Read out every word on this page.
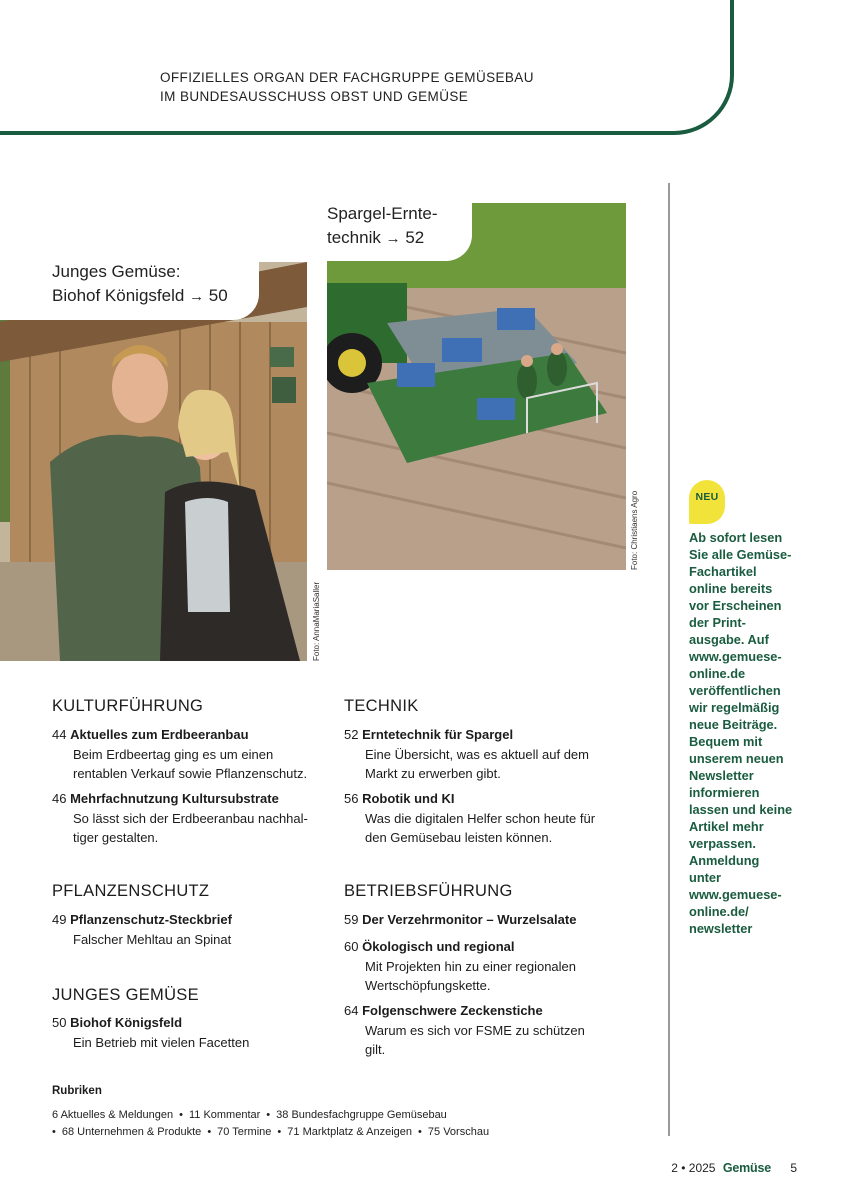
OFFIZIELLES ORGAN DER FACHGRUPPE GEMÜSEBAU
IM BUNDESAUSSCHUSS OBST UND GEMÜSE
Spargel-Ernte-
technik → 52
Junges Gemüse:
Biohof Königsfeld → 50
Foto: AnnaMariaSaller
Foto: Christiaens Agro	NEU
Ab sofort lesen
Sie alle Gemüse-
Fachartikel
online bereits
vor Erscheinen
der Print-
ausgabe. Auf
www.gemuese-
online.de
veröffentlichen
wir regelmäßig
neue Beiträge.
Bequem mit
unserem neuen
Newsletter
informieren
lassen und keine
Artikel mehr
verpassen.
Anmeldung
unter
www.gemuese-
online.de/
newsletter
KULTURFÜHRUNG
44 Aktuelles zum Erdbeeranbau
Beim Erdbeertag ging es um einen
rentablen Verkauf sowie Pflanzenschutz.
46 Mehrfachnutzung Kultursubstrate
So lässt sich der Erdbeeranbau nachhal-
tiger gestalten.
PFLANZENSCHUTZ
49 Pflanzenschutz-Steckbrief
Falscher Mehltau an Spinat
JUNGES GEMÜSE
50 Biohof Königsfeld
Ein Betrieb mit vielen Facetten
TECHNIK
52 Erntetechnik für Spargel
Eine Übersicht, was es aktuell auf dem
Markt zu erwerben gibt.
56 Robotik und KI
Was die digitalen Helfer schon heute für
den Gemüsebau leisten können.
BETRIEBSFÜHRUNG
59 Der Verzehrmonitor – Wurzelsalate
60 Ökologisch und regional
Mit Projekten hin zu einer regionalen
Wertschöpfungskette.
64 Folgenschwere Zeckenstiche
Warum es sich vor FSME zu schützen
gilt.
Rubriken
6 Aktuelles & Meldungen • 11 Kommentar • 38 Bundesfachgruppe Gemüsebau
• 68 Unternehmen & Produkte • 70 Termine • 71 Marktplatz & Anzeigen • 75 Vorschau
2 • 2025 Gemüse 5
